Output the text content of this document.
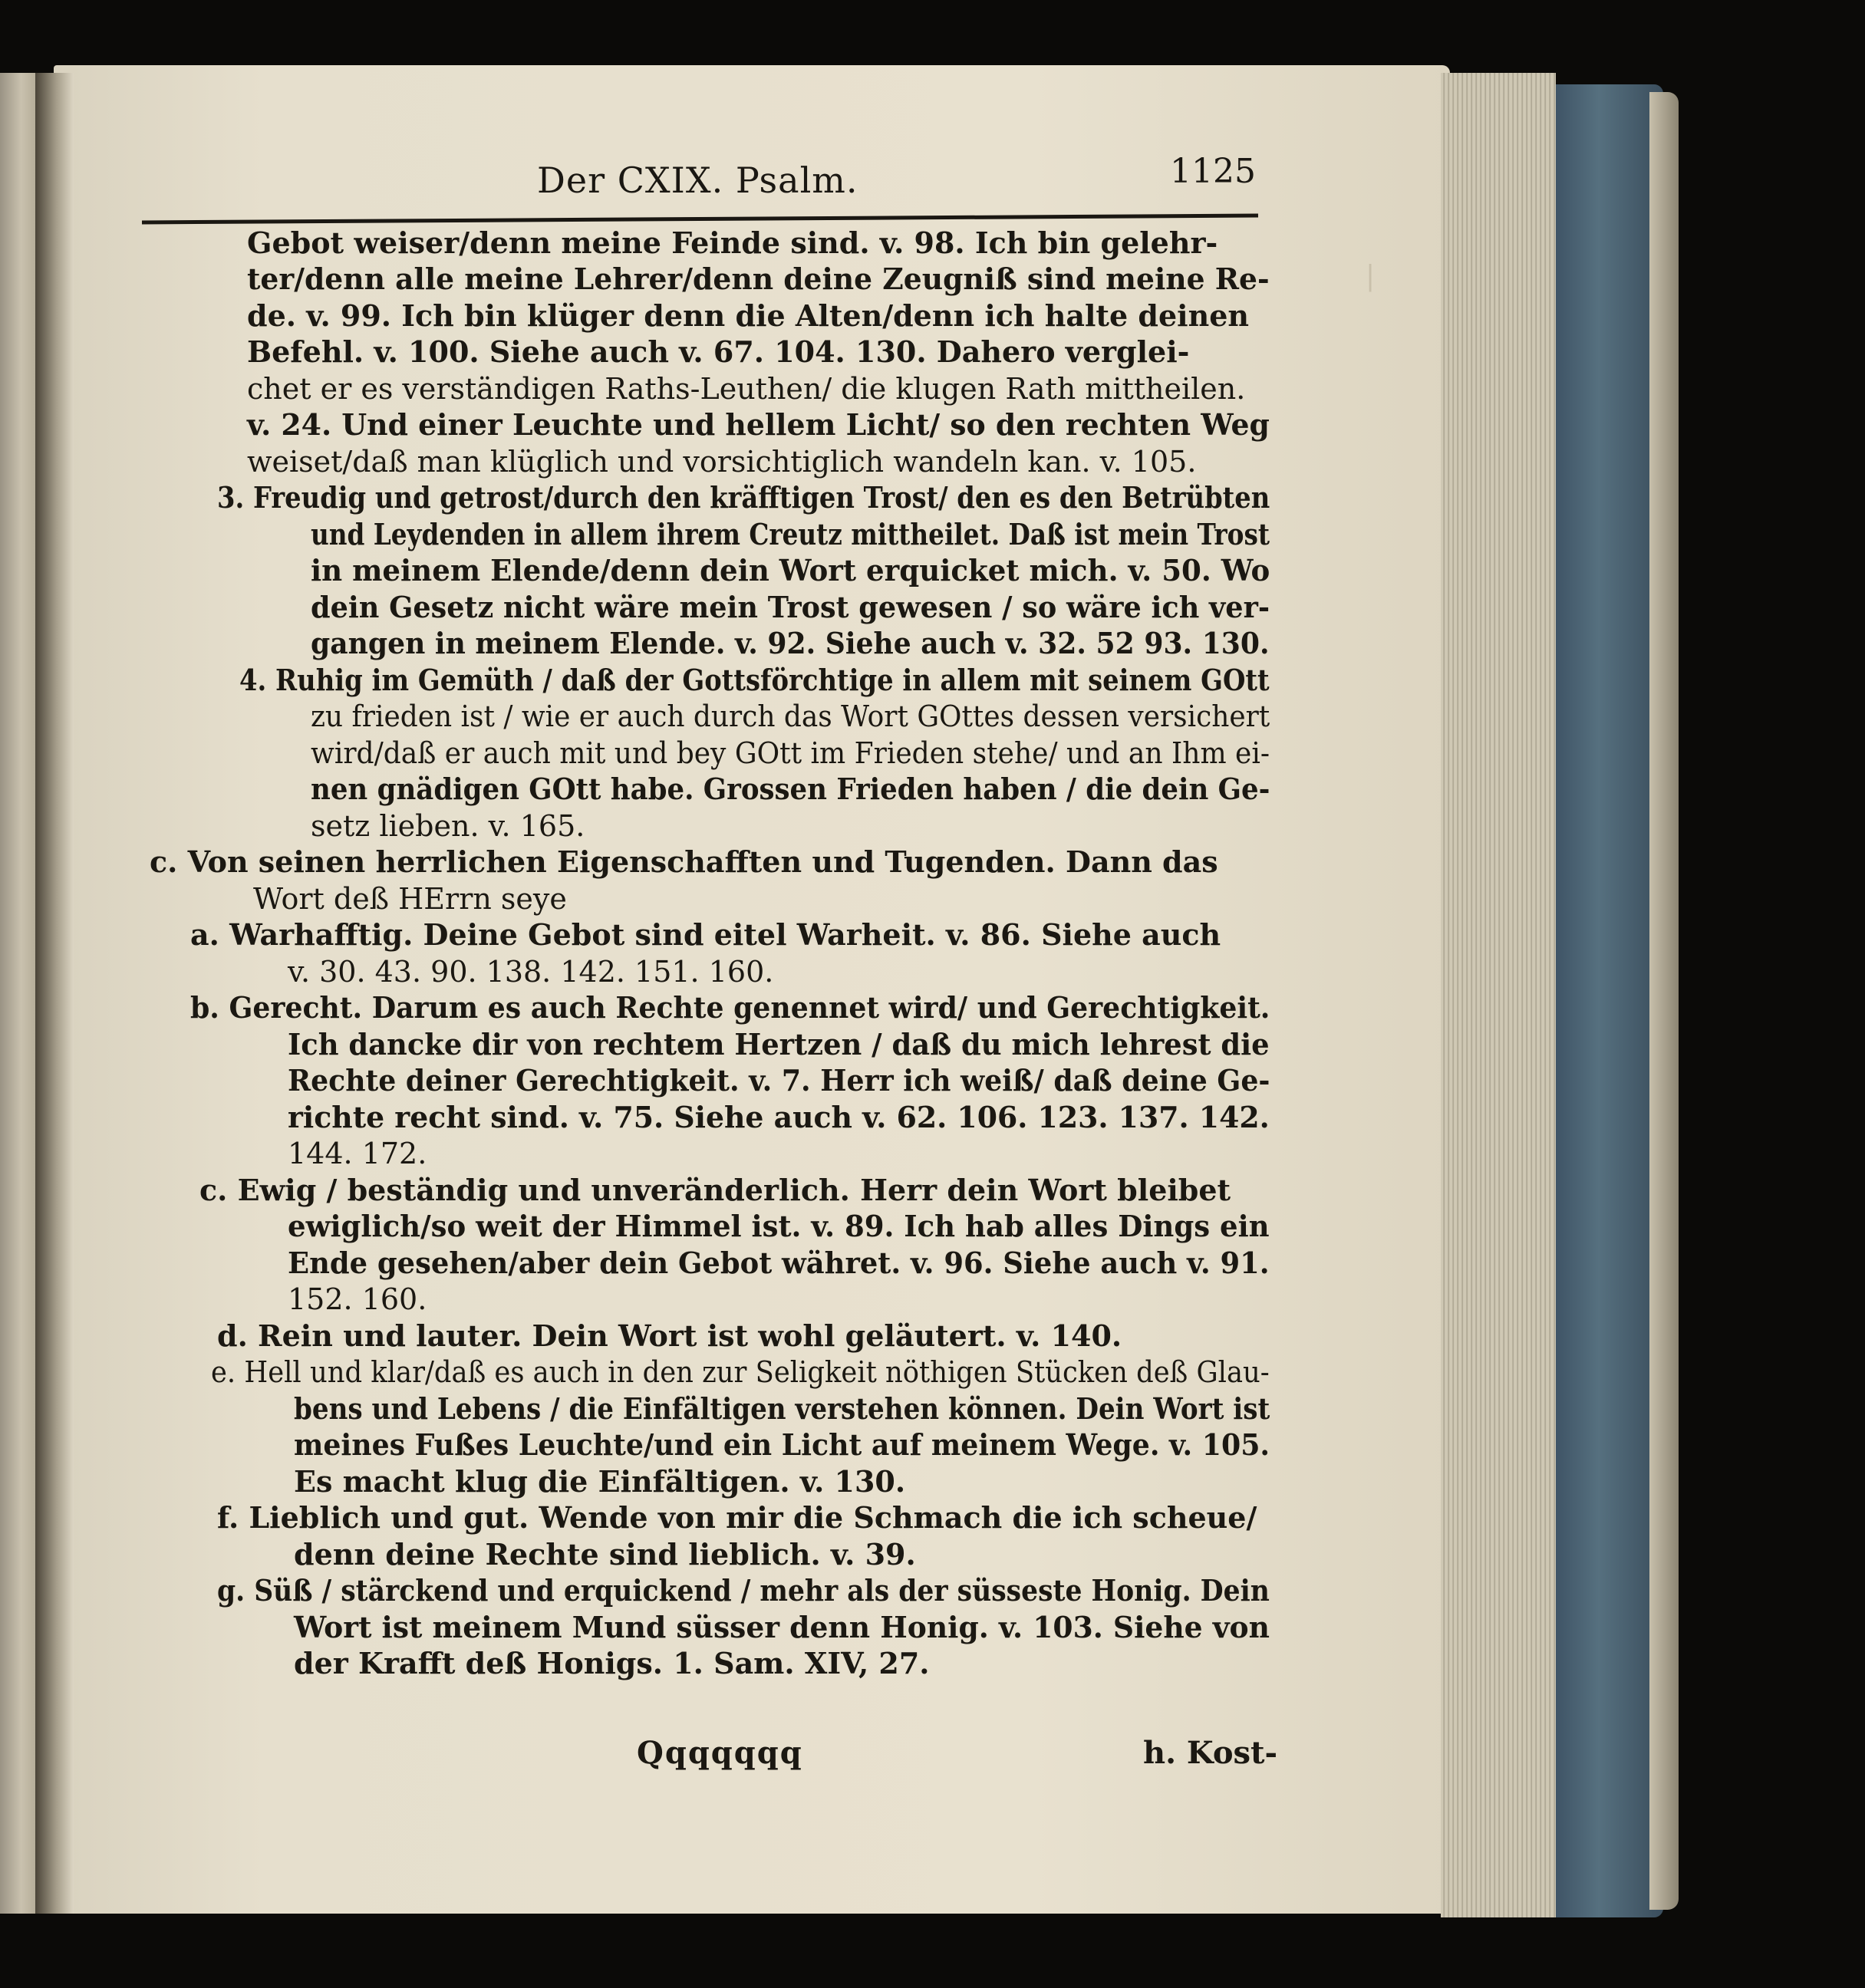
|
Der CXIX. Psalm.	1125
Gebot weiser/denn meine Feinde sind. v. 98. Ich bin gelehr-
ter/denn alle meine Lehrer/denn deine Zeugniß sind meine Re-
de. v. 99. Ich bin klüger denn die Alten/denn ich halte deinen
Befehl. v. 100. Siehe auch v. 67. 104. 130. Dahero verglei-
chet er es verständigen Raths-Leuthen/ die klugen Rath mittheilen.
v. 24. Und einer Leuchte und hellem Licht/ so den rechten Weg
weiset/daß man klüglich und vorsichtiglich wandeln kan. v. 105.
3. Freudig und getrost/durch den kräfftigen Trost/ den es den Betrübten
und Leydenden in allem ihrem Creutz mittheilet. Daß ist mein Trost
in meinem Elende/denn dein Wort erquicket mich. v. 50. Wo
dein Gesetz nicht wäre mein Trost gewesen / so wäre ich ver-
gangen in meinem Elende. v. 92. Siehe auch v. 32. 52 93. 130.
4. Ruhig im Gemüth / daß der Gottsförchtige in allem mit seinem GOtt
zu frieden ist / wie er auch durch das Wort GOttes dessen versichert
wird/daß er auch mit und bey GOtt im Frieden stehe/ und an Ihm ei-
nen gnädigen GOtt habe. Grossen Frieden haben / die dein Ge-
setz lieben. v. 165.
c. Von seinen herrlichen Eigenschafften und Tugenden. Dann das
Wort deß HErrn seye
a. Warhafftig. Deine Gebot sind eitel Warheit. v. 86. Siehe auch
v. 30. 43. 90. 138. 142. 151. 160.
b. Gerecht. Darum es auch Rechte genennet wird/ und Gerechtigkeit.
Ich dancke dir von rechtem Hertzen / daß du mich lehrest die
Rechte deiner Gerechtigkeit. v. 7. Herr ich weiß/ daß deine Ge-
richte recht sind. v. 75. Siehe auch v. 62. 106. 123. 137. 142.
144. 172.
c. Ewig / beständig und unveränderlich. Herr dein Wort bleibet
ewiglich/so weit der Himmel ist. v. 89. Ich hab alles Dings ein
Ende gesehen/aber dein Gebot währet. v. 96. Siehe auch v. 91.
152. 160.
d. Rein und lauter. Dein Wort ist wohl geläutert. v. 140.
e. Hell und klar/daß es auch in den zur Seligkeit nöthigen Stücken deß Glau-
bens und Lebens / die Einfältigen verstehen können. Dein Wort ist
meines Fußes Leuchte/und ein Licht auf meinem Wege. v. 105.
Es macht klug die Einfältigen. v. 130.
f. Lieblich und gut. Wende von mir die Schmach die ich scheue/
denn deine Rechte sind lieblich. v. 39.
g. Süß / stärckend und erquickend / mehr als der süsseste Honig. Dein
Wort ist meinem Mund süsser denn Honig. v. 103. Siehe von
der Krafft deß Honigs. 1. Sam. XIV, 27.
Qqqqqqq	h. Kost-
